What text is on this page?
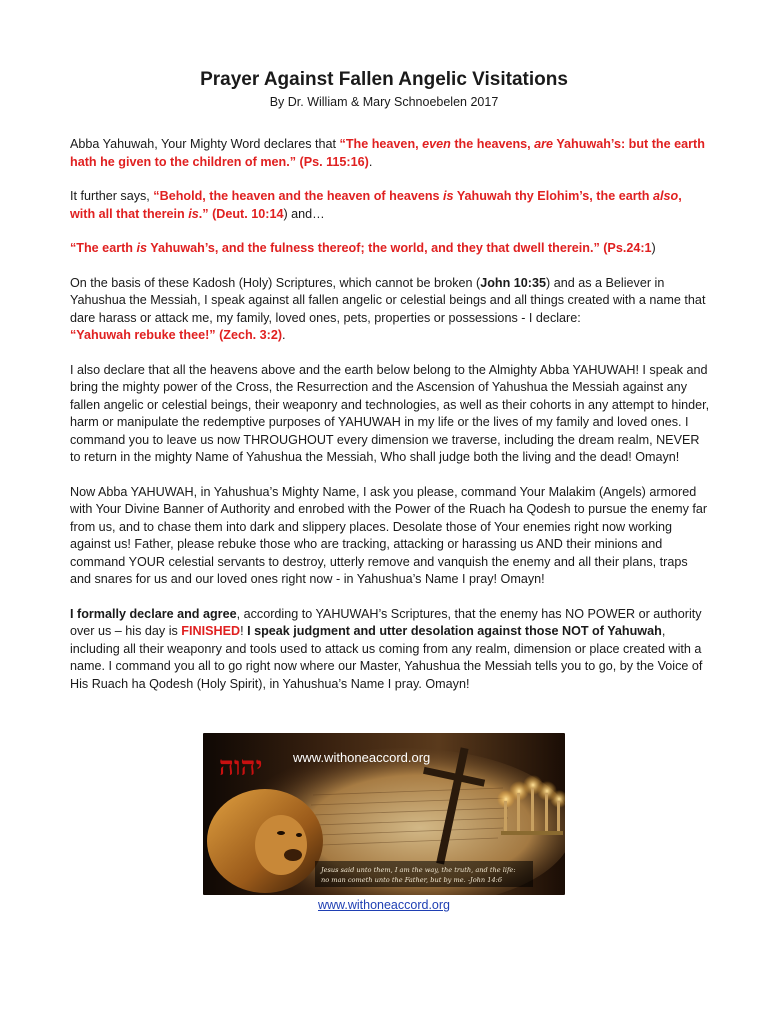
Prayer Against Fallen Angelic Visitations
By Dr. William & Mary Schnoebelen 2017

Abba Yahuwah, Your Mighty Word declares that “The heaven, even the heavens, are Yahuwah’s: but the earth hath he given to the children of men.” (Ps. 115:16).

It further says, “Behold, the heaven and the heaven of heavens is Yahuwah thy Elohim’s, the earth also, with all that therein is.” (Deut. 10:14) and…

“The earth is Yahuwah’s, and the fulness thereof; the world, and they that dwell therein.” (Ps.24:1)

On the basis of these Kadosh (Holy) Scriptures, which cannot be broken (John 10:35) and as a Believer in Yahushua the Messiah, I speak against all fallen angelic or celestial beings and all things created with a name that dare harass or attack me, my family, loved ones, pets, properties or possessions - I declare:
“Yahuwah rebuke thee!” (Zech. 3:2).

I also declare that all the heavens above and the earth below belong to the Almighty Abba YAHUWAH! I speak and bring the mighty power of the Cross, the Resurrection and the Ascension of Yahushua the Messiah against any fallen angelic or celestial beings, their weaponry and technologies, as well as their cohorts in any attempt to hinder, harm or manipulate the redemptive purposes of YAHUWAH in my life or the lives of my family and loved ones. I command you to leave us now THROUGHOUT every dimension we traverse, including the dream realm, NEVER to return in the mighty Name of Yahushua the Messiah, Who shall judge both the living and the dead! Omayn!

Now Abba YAHUWAH, in Yahushua’s Mighty Name, I ask you please, command Your Malakim (Angels) armored with Your Divine Banner of Authority and enrobed with the Power of the Ruach ha Qodesh to pursue the enemy far from us, and to chase them into dark and slippery places. Desolate those of Your enemies right now working against us! Father, please rebuke those who are tracking, attacking or harassing us AND their minions and command YOUR celestial servants to destroy, utterly remove and vanquish the enemy and all their plans, traps and snares for us and our loved ones right now - in Yahushua’s Name I pray! Omayn!

I formally declare and agree, according to YAHUWAH’s Scriptures, that the enemy has NO POWER or authority over us – his day is FINISHED! I speak judgment and utter desolation against those NOT of Yahuwah, including all their weaponry and tools used to attack us coming from any realm, dimension or place created with a name. I command you all to go right now where our Master, Yahushua the Messiah tells you to go, by the Voice of His Ruach ha Qodesh (Holy Spirit), in Yahushua’s Name I pray. Omayn!

יהוה www.withoneaccord.org
Jesus said unto them, I am the way, the truth, and the life:
no man cometh unto the Father, but by me. -John 14:6
www.withoneaccord.org
